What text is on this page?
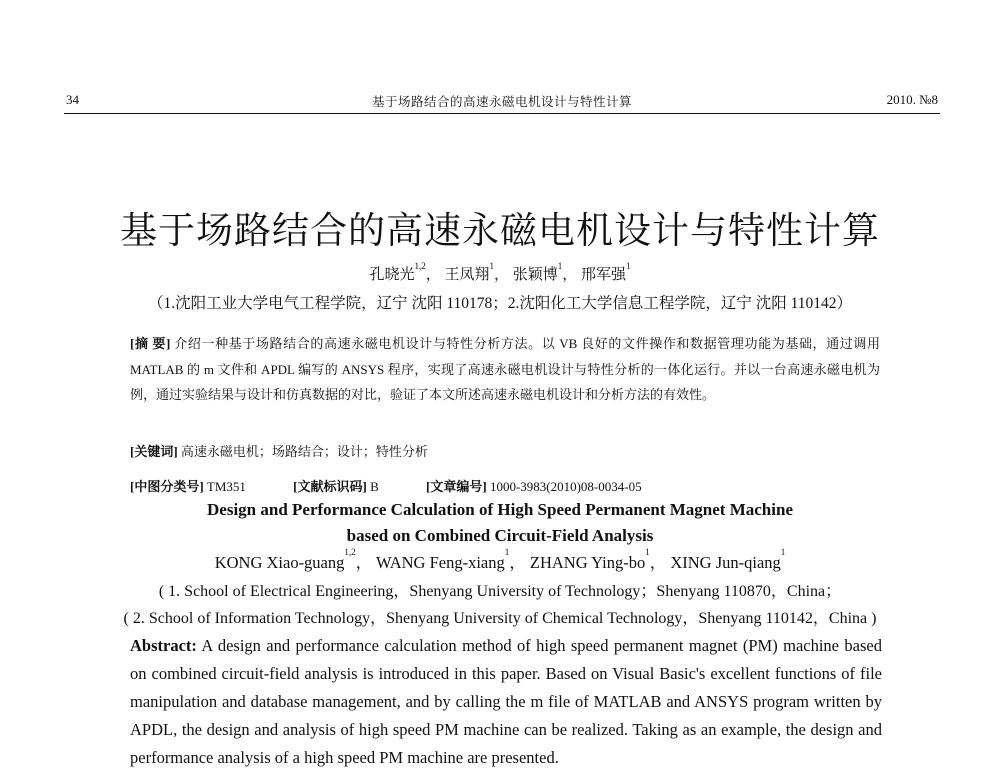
34	基于场路结合的高速永磁电机设计与特性计算	2010. №8
基于场路结合的高速永磁电机设计与特性计算
孔晓光$^{1,2}$， 王凤翔$^1$， 张颖博$^1$， 邢军强$^1$
（1.沈阳工业大学电气工程学院，辽宁 沈阳 110178；2.沈阳化工大学信息工程学院，辽宁 沈阳 110142）
[摘 要] 介绍一种基于场路结合的高速永磁电机设计与特性分析方法。以 VB 良好的文件操作和数据管理功能为基础，通过调用 MATLAB 的 m 文件和 APDL 编写的 ANSYS 程序，实现了高速永磁电机设计与特性分析的一体化运行。并以一台高速永磁电机为例，通过实验结果与设计和仿真数据的对比，验证了本文所述高速永磁电机设计和分析方法的有效性。
[关键词] 高速永磁电机；场路结合；设计；特性分析
[中图分类号] TM351	[文献标识码] B	[文章编号] 1000-3983(2010)08-0034-05
Design and Performance Calculation of High Speed Permanent Magnet Machine
based on Combined Circuit-Field Analysis
KONG Xiao-guang$^{1,2}$， WANG Feng-xiang$^1$， ZHANG Ying-$bo^1$， XING Jun-qiang$^1$
( 1. School of Electrical Engineering，Shenyang University of Technology；Shenyang 110870，China；
( 2. School of Information Technology，Shenyang University of Chemical Technology，Shenyang 110142，China )
Abstract: A design and performance calculation method of high speed permanent magnet (PM) machine based on combined circuit-field analysis is introduced in this paper. Based on Visual Basic's excellent functions of file manipulation and database management, and by calling the m file of MATLAB and ANSYS program written by APDL, the design and analysis of high speed PM machine can be realized. Taking as an example, the design and performance analysis of a high speed PM machine are presented.
